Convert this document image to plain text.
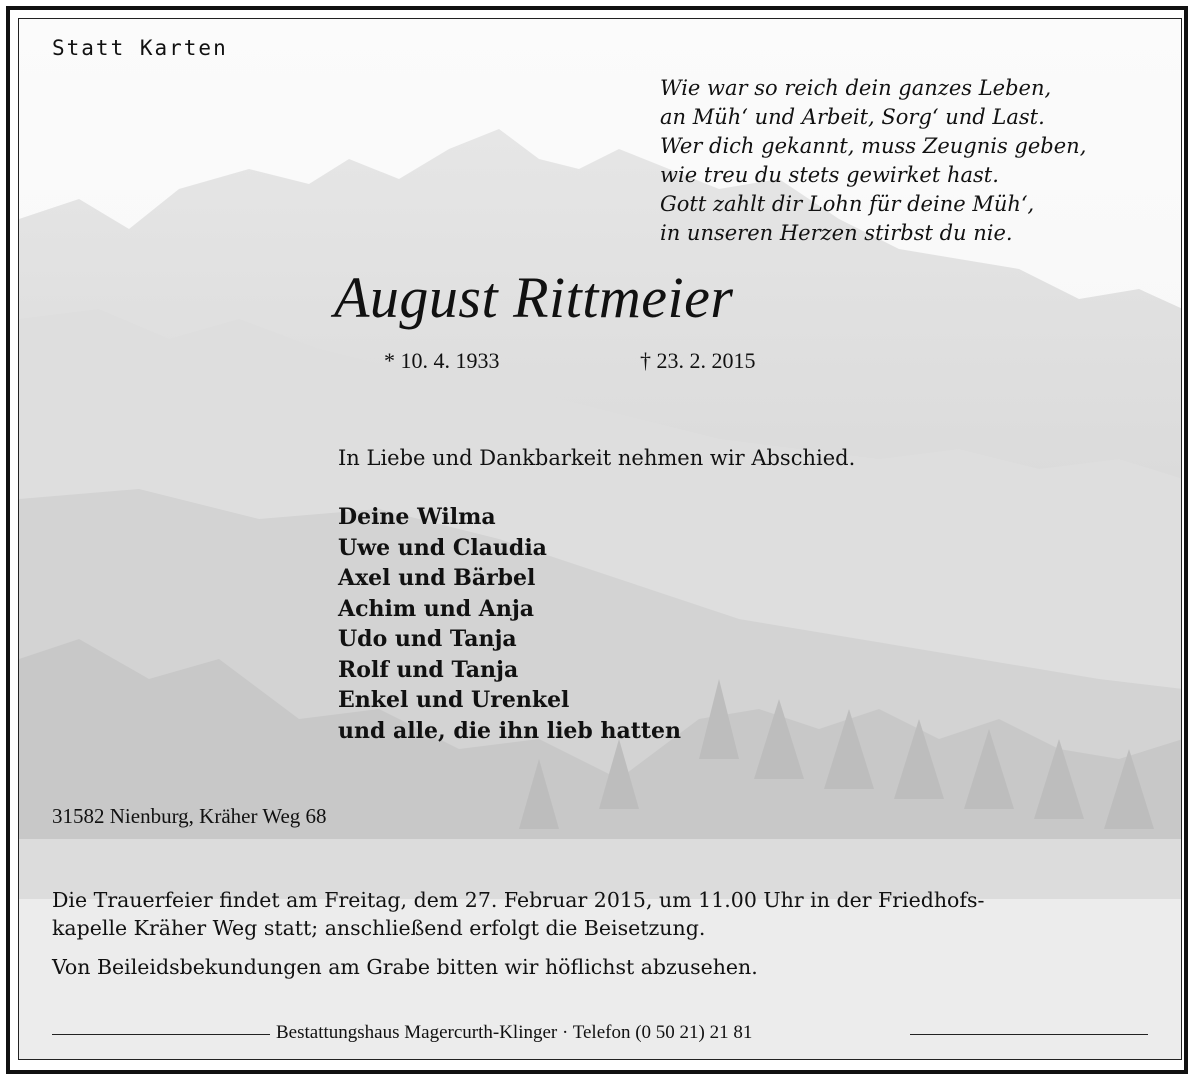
Statt Karten
Wie war so reich dein ganzes Leben,
an Müh‘ und Arbeit, Sorg‘ und Last.
Wer dich gekannt, muss Zeugnis geben,
wie treu du stets gewirket hast.
Gott zahlt dir Lohn für deine Müh‘,
in unseren Herzen stirbst du nie.
August Rittmeier
* 10. 4. 1933	† 23. 2. 2015
In Liebe und Dankbarkeit nehmen wir Abschied.
Deine Wilma
Uwe und Claudia
Axel und Bärbel
Achim und Anja
Udo und Tanja
Rolf und Tanja
Enkel und Urenkel
und alle, die ihn lieb hatten
31582 Nienburg, Kräher Weg 68
Die Trauerfeier findet am Freitag, dem 27. Februar 2015, um 11.00 Uhr in der Friedhofs-
kapelle Kräher Weg statt; anschließend erfolgt die Beisetzung.
Von Beileidsbekundungen am Grabe bitten wir höflichst abzusehen.
Bestattungshaus Magercurth-Klinger · Telefon (0 50 21) 21 81
